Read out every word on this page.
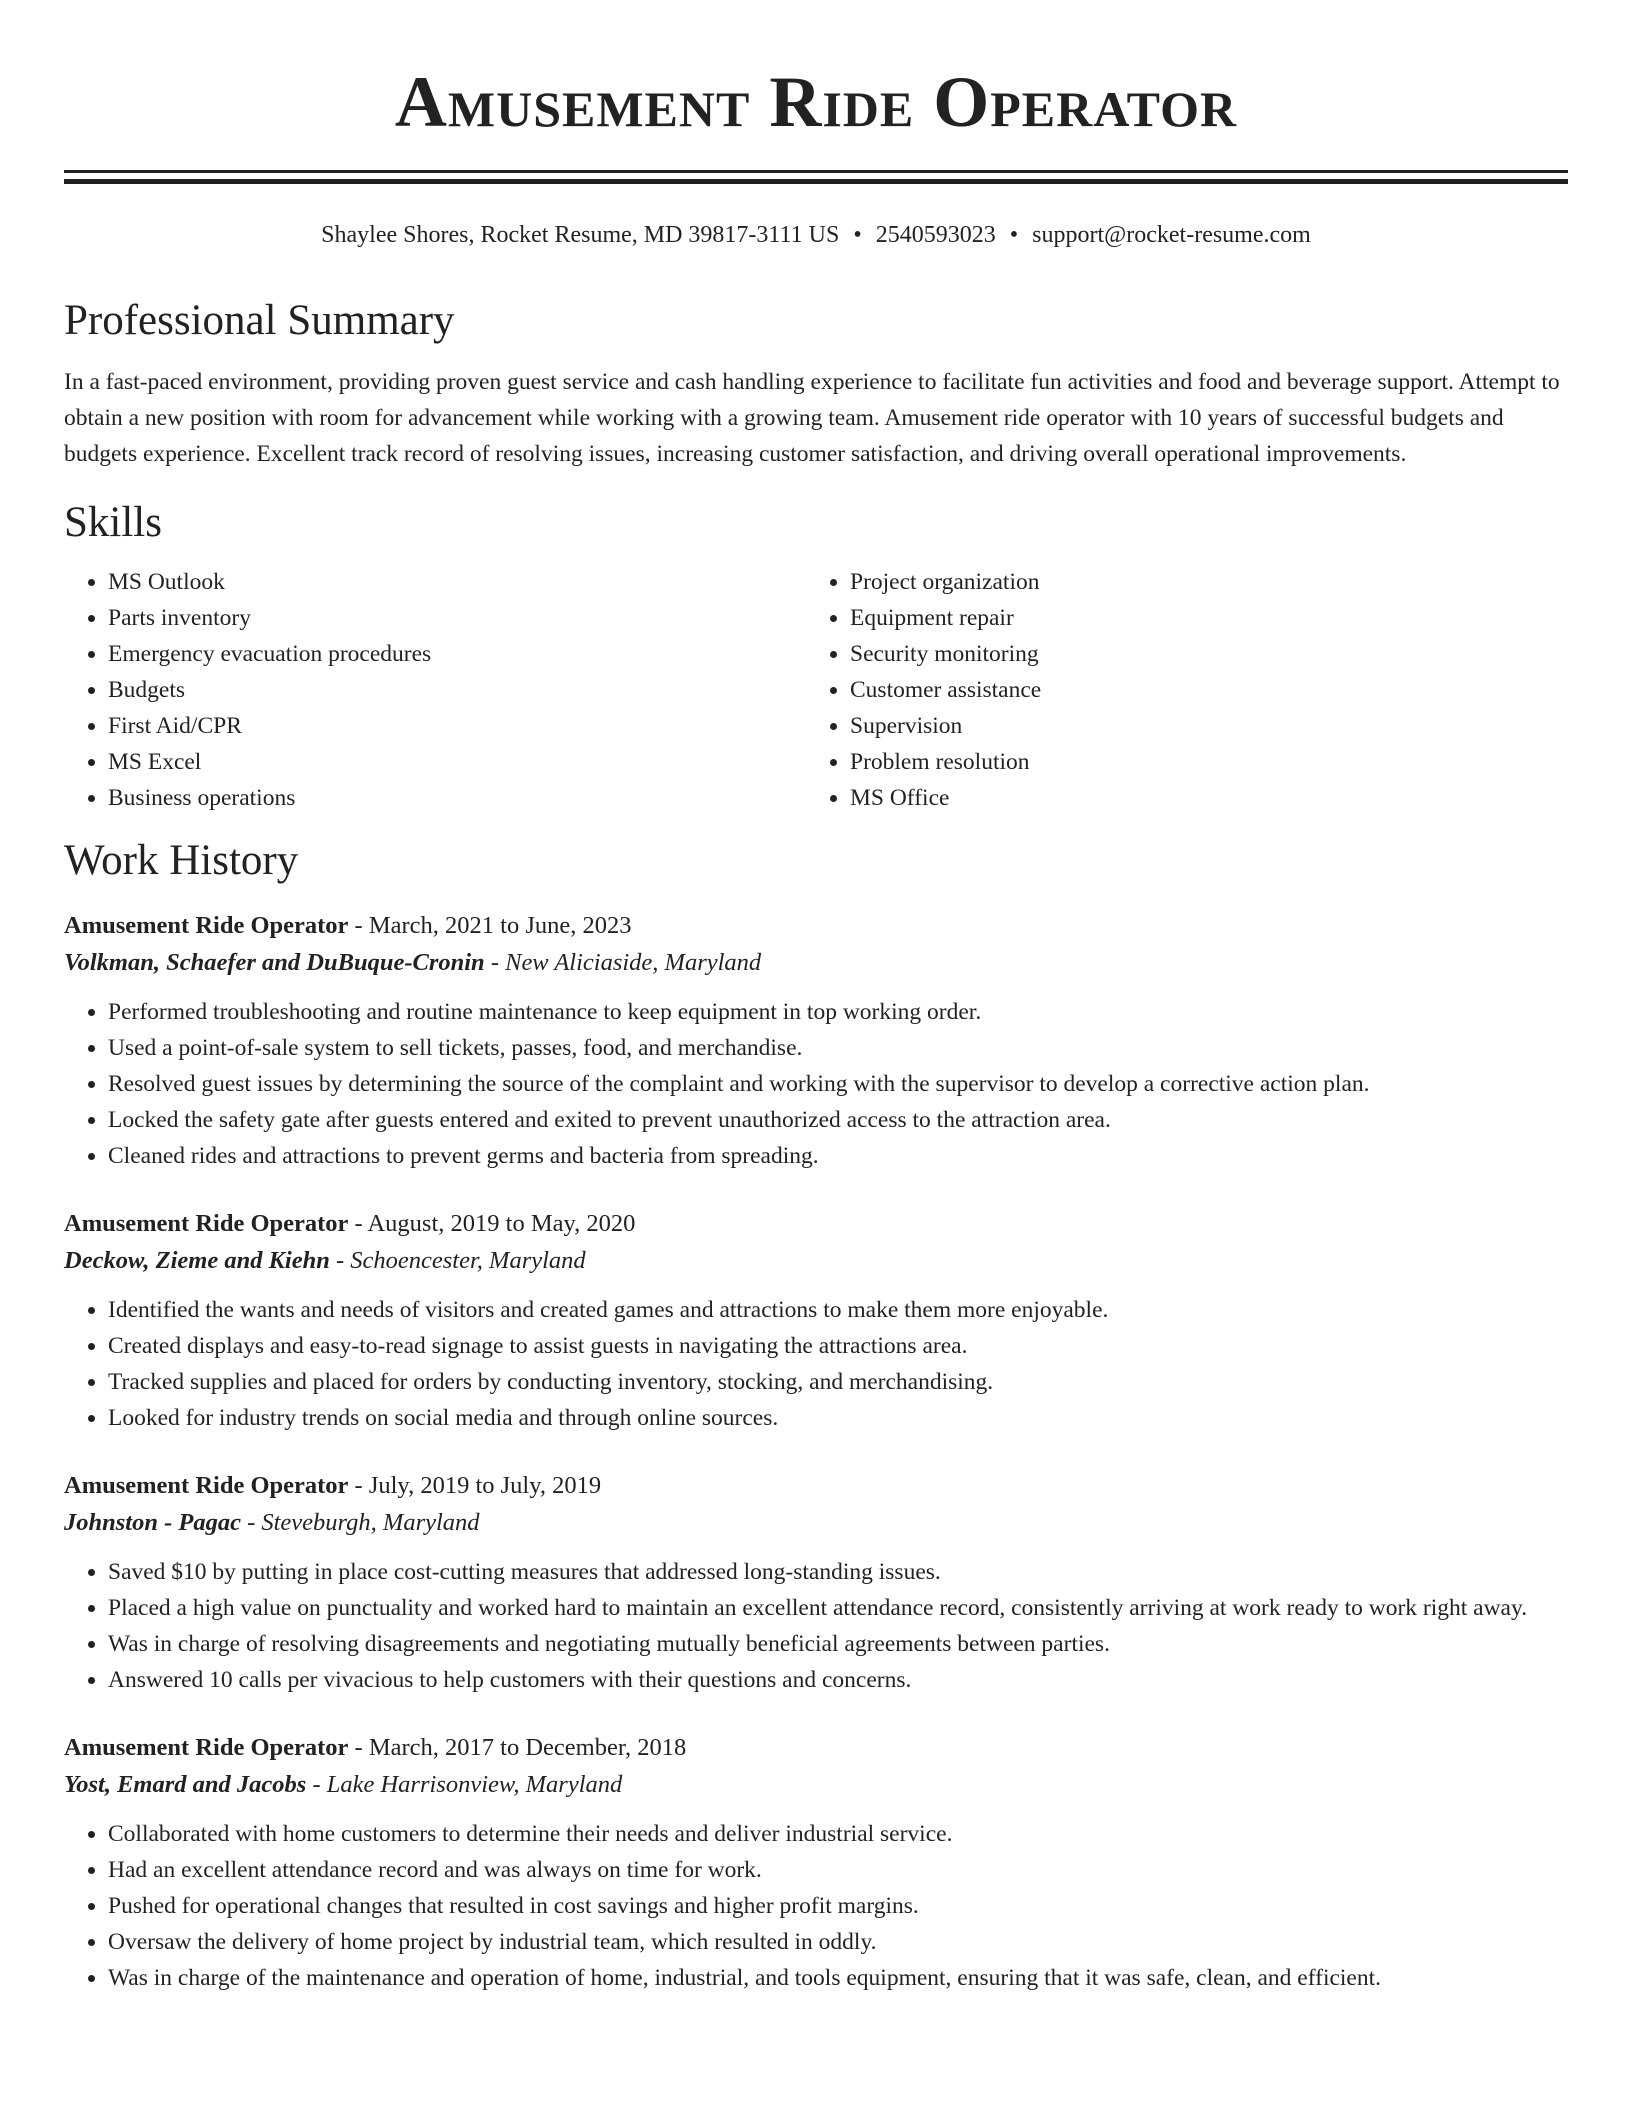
Amusement Ride Operator
Shaylee Shores, Rocket Resume, MD 39817-3111 US • 2540593023 • support@rocket-resume.com
Professional Summary

In a fast-paced environment, providing proven guest service and cash handling experience to facilitate fun activities and food and beverage support. Attempt to obtain a new position with room for advancement while working with a growing team. Amusement ride operator with 10 years of successful budgets and budgets experience. Excellent track record of resolving issues, increasing customer satisfaction, and driving overall operational improvements.

Skills
• MS Outlook
• Parts inventory
• Emergency evacuation procedures
• Budgets
• First Aid/CPR
• MS Excel
• Business operations
• Project organization
• Equipment repair
• Security monitoring
• Customer assistance
• Supervision
• Problem resolution
• MS Office
Work History

Amusement Ride Operator - March, 2021 to June, 2023

Volkman, Schaefer and DuBuque-Cronin - New Aliciaside, Maryland

• Performed troubleshooting and routine maintenance to keep equipment in top working order.
• Used a point-of-sale system to sell tickets, passes, food, and merchandise.
• Resolved guest issues by determining the source of the complaint and working with the supervisor to develop a corrective action plan.
• Locked the safety gate after guests entered and exited to prevent unauthorized access to the attraction area.
• Cleaned rides and attractions to prevent germs and bacteria from spreading.

Amusement Ride Operator - August, 2019 to May, 2020

Deckow, Zieme and Kiehn - Schoencester, Maryland

• Identified the wants and needs of visitors and created games and attractions to make them more enjoyable.
• Created displays and easy-to-read signage to assist guests in navigating the attractions area.
• Tracked supplies and placed for orders by conducting inventory, stocking, and merchandising.
• Looked for industry trends on social media and through online sources.

Amusement Ride Operator - July, 2019 to July, 2019

Johnston - Pagac - Steveburgh, Maryland

• Saved $10 by putting in place cost-cutting measures that addressed long-standing issues.
• Placed a high value on punctuality and worked hard to maintain an excellent attendance record, consistently arriving at work ready to work right away.
• Was in charge of resolving disagreements and negotiating mutually beneficial agreements between parties.
• Answered 10 calls per vivacious to help customers with their questions and concerns.

Amusement Ride Operator - March, 2017 to December, 2018

Yost, Emard and Jacobs - Lake Harrisonview, Maryland

• Collaborated with home customers to determine their needs and deliver industrial service.
• Had an excellent attendance record and was always on time for work.
• Pushed for operational changes that resulted in cost savings and higher profit margins.
• Oversaw the delivery of home project by industrial team, which resulted in oddly.
• Was in charge of the maintenance and operation of home, industrial, and tools equipment, ensuring that it was safe, clean, and efficient.
